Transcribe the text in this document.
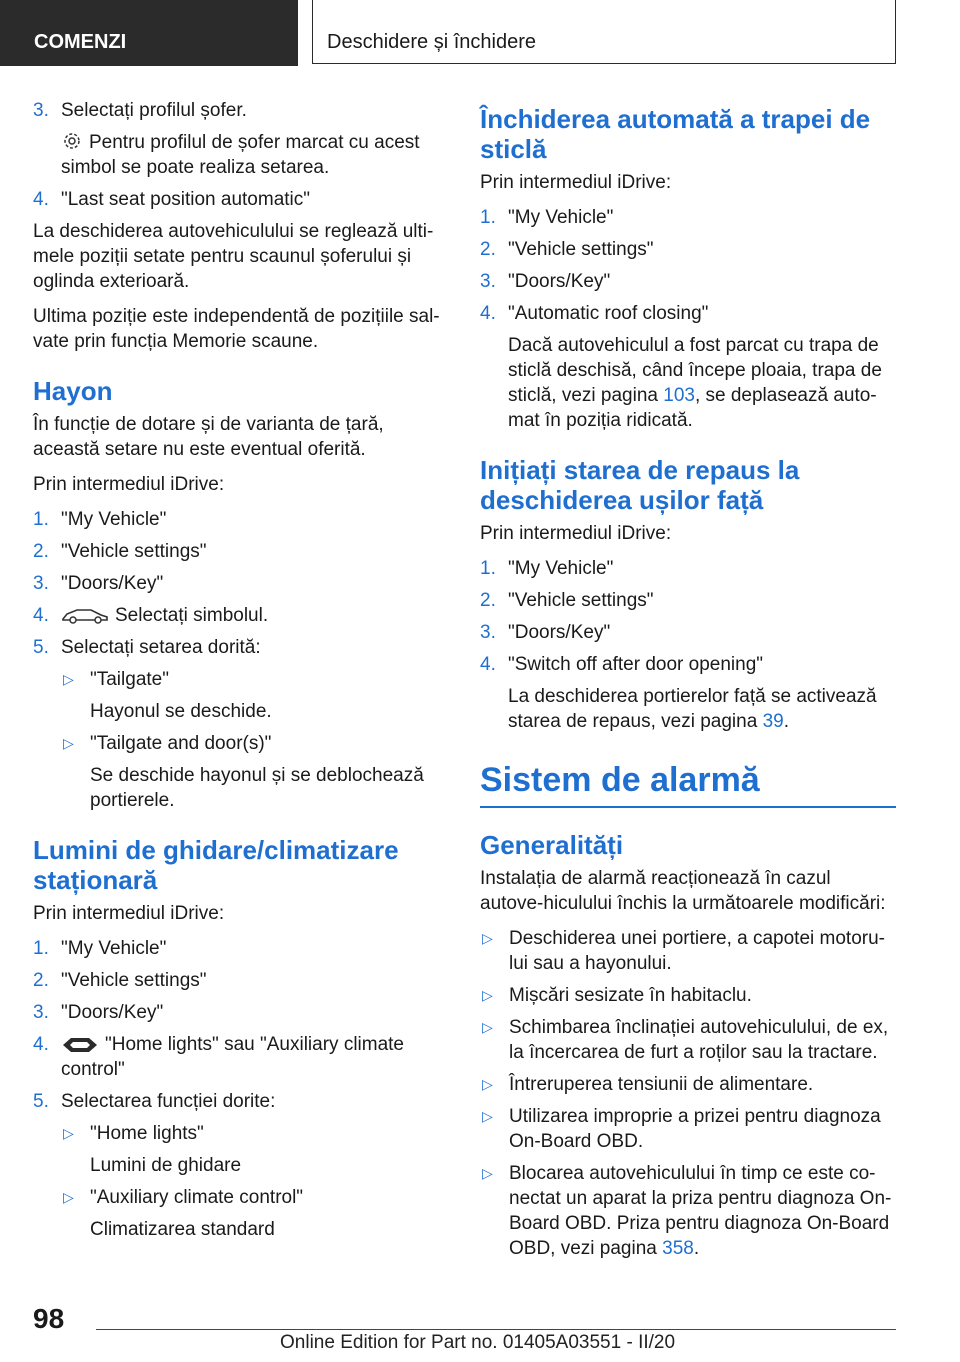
COMENZI	Deschidere și închidere
3. Selectați profilul șofer.
Pentru profilul de șofer marcat cu acest simbol se poate realiza setarea.
4. "Last seat position automatic"

La deschiderea autovehiculului se reglează ulti-mele poziții setate pentru scaunul șoferului și oglinda exterioară.

Ultima poziție este independentă de pozițiile sal-vate prin funcția Memorie scaune.

Hayon

În funcție de dotare și de varianta de țară, această setare nu este eventual oferită.

Prin intermediul iDrive:

1. "My Vehicle"
2. "Vehicle settings"
3. "Doors/Key"
4.	Selectați simbolul.
5. Selectați setarea dorită:
▷ "Tailgate"
Hayonul se deschide.
▷ "Tailgate and door(s)"
Se deschide hayonul și se deblochează portierele.
Lumini de ghidare/climatizare staționară

Prin intermediul iDrive:

1. "My Vehicle"
2. "Vehicle settings"
3. "Doors/Key"
4.	"Home lights" sau "Auxiliary climate control"
5. Selectarea funcției dorite:
▷ "Home lights"
Lumini de ghidare
▷ "Auxiliary climate control"
Climatizarea standard
Închiderea automată a trapei de sticlă

Prin intermediul iDrive:

1. "My Vehicle"
2. "Vehicle settings"
3. "Doors/Key"
4. "Automatic roof closing"
Dacă autovehiculul a fost parcat cu trapa de sticlă deschisă, când începe ploaia, trapa de sticlă, vezi pagina 103, se deplasează auto-mat în poziția ridicată.
Inițiați starea de repaus la deschiderea ușilor față

Prin intermediul iDrive:

1. "My Vehicle"
2. "Vehicle settings"
3. "Doors/Key"
4. "Switch off after door opening"
La deschiderea portierelor față se activează starea de repaus, vezi pagina 39.
Sistem de alarmă
Generalități

Instalația de alarmă reacționează în cazul autove-hiculului închis la următoarele modificări:

▷ Deschiderea unei portiere, a capotei motoru-lui sau a hayonului.
▷ Mișcări sesizate în habitaclu.
▷ Schimbarea înclinației autovehiculului, de ex, la încercarea de furt a roților sau la tractare.
▷ Întreruperea tensiunii de alimentare.
▷ Utilizarea improprie a prizei pentru diagnoza On-Board OBD.
▷ Blocarea autovehiculului în timp ce este co-nectat un aparat la priza pentru diagnoza On-Board OBD. Priza pentru diagnoza On-Board OBD, vezi pagina 358.
98
Online Edition for Part no. 01405A03551 - II/20
